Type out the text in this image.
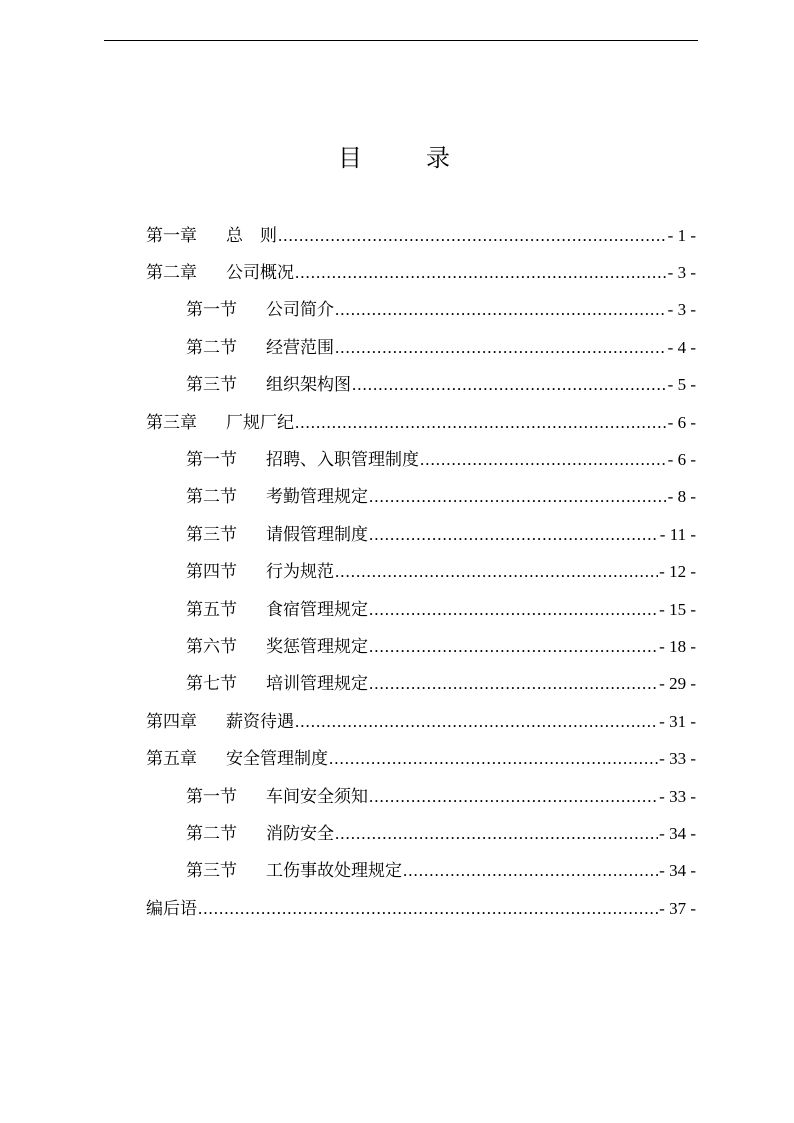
目　录
第一章	总　则 .....	- 1 -
第二章	公司概况 .....	- 3 -
第一节	公司简介 .....	- 3 -
第二节	经营范围 .....	- 4 -
第三节	组织架构图 .....	- 5 -
第三章	厂规厂纪 .....	- 6 -
第一节	招聘、入职管理制度 .....	- 6 -
第二节	考勤管理规定 .....	- 8 -
第三节	请假管理制度 .....	- 11 -
第四节	行为规范 .....	- 12 -
第五节	食宿管理规定 .....	- 15 -
第六节	奖惩管理规定 .....	- 18 -
第七节	培训管理规定 .....	- 29 -
第四章	薪资待遇 .....	- 31 -
第五章	安全管理制度 .....	- 33 -
第一节	车间安全须知 .....	- 33 -
第二节	消防安全 .....	- 34 -
第三节	工伤事故处理规定 .....	- 34 -
编后语 .....	- 37 -
